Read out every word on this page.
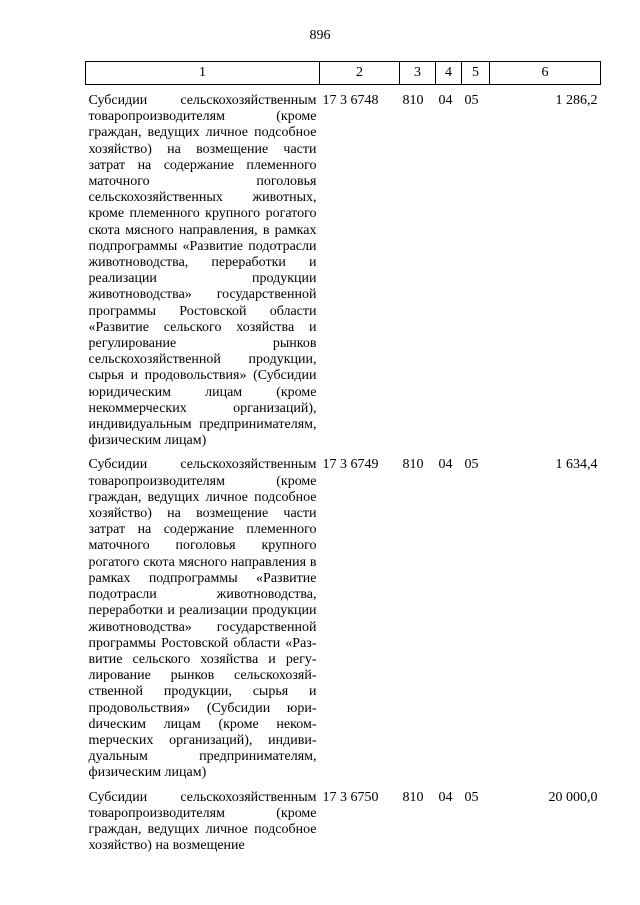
896
1	2	3	4	5	6

Субсидии сельскохозяйственным товаропроизводителям (кроме граждан, ведущих личное подсобное хозяйство) на возмещение части затрат на содержание племенного маточного поголовья сельскохозяйственных животных, кроме племенного крупного рогатого скота мясного направления, в рамках подпрограммы «Развитие подотрасли животноводства, переработки и реализации продукции животноводства» государственной программы Ростовской области «Развитие сельского хозяйства и регулирование рынков сельскохозяйственной продукции, сырья и продовольствия» (Субсидии юридическим лицам (кроме некоммерческих организаций), индивидуальным предпринимателям, физическим лицам)	17 3 6748	810	04	05	1 286,2

Субсидии сельскохозяйственным товаропроизводителям (кроме граждан, ведущих личное подсобное хозяйство) на возмещение части затрат на содержание племенного маточного поголовья крупного рогатого скота мясного направления в рамках подпрограммы «Развитие подотрасли животноводства, переработки и реализации продукции животноводства» государственной программы Ростовской области «Развитие сельского хозяйства и регулирование рынков сельскохозяйственной продукции, сырья и продовольствия» (Субсидии юриdическим лицам (кроме некомmерческих организаций), индивидуальным предпринимателям, физическим лицам)	17 3 6749	810	04	05	1 634,4

Субсидии сельскохозяйственным товаропроизводителям (кроме граждан, ведущих личное подсобное хозяйство) на возмещение	17 3 6750	810	04	05	20 000,0
